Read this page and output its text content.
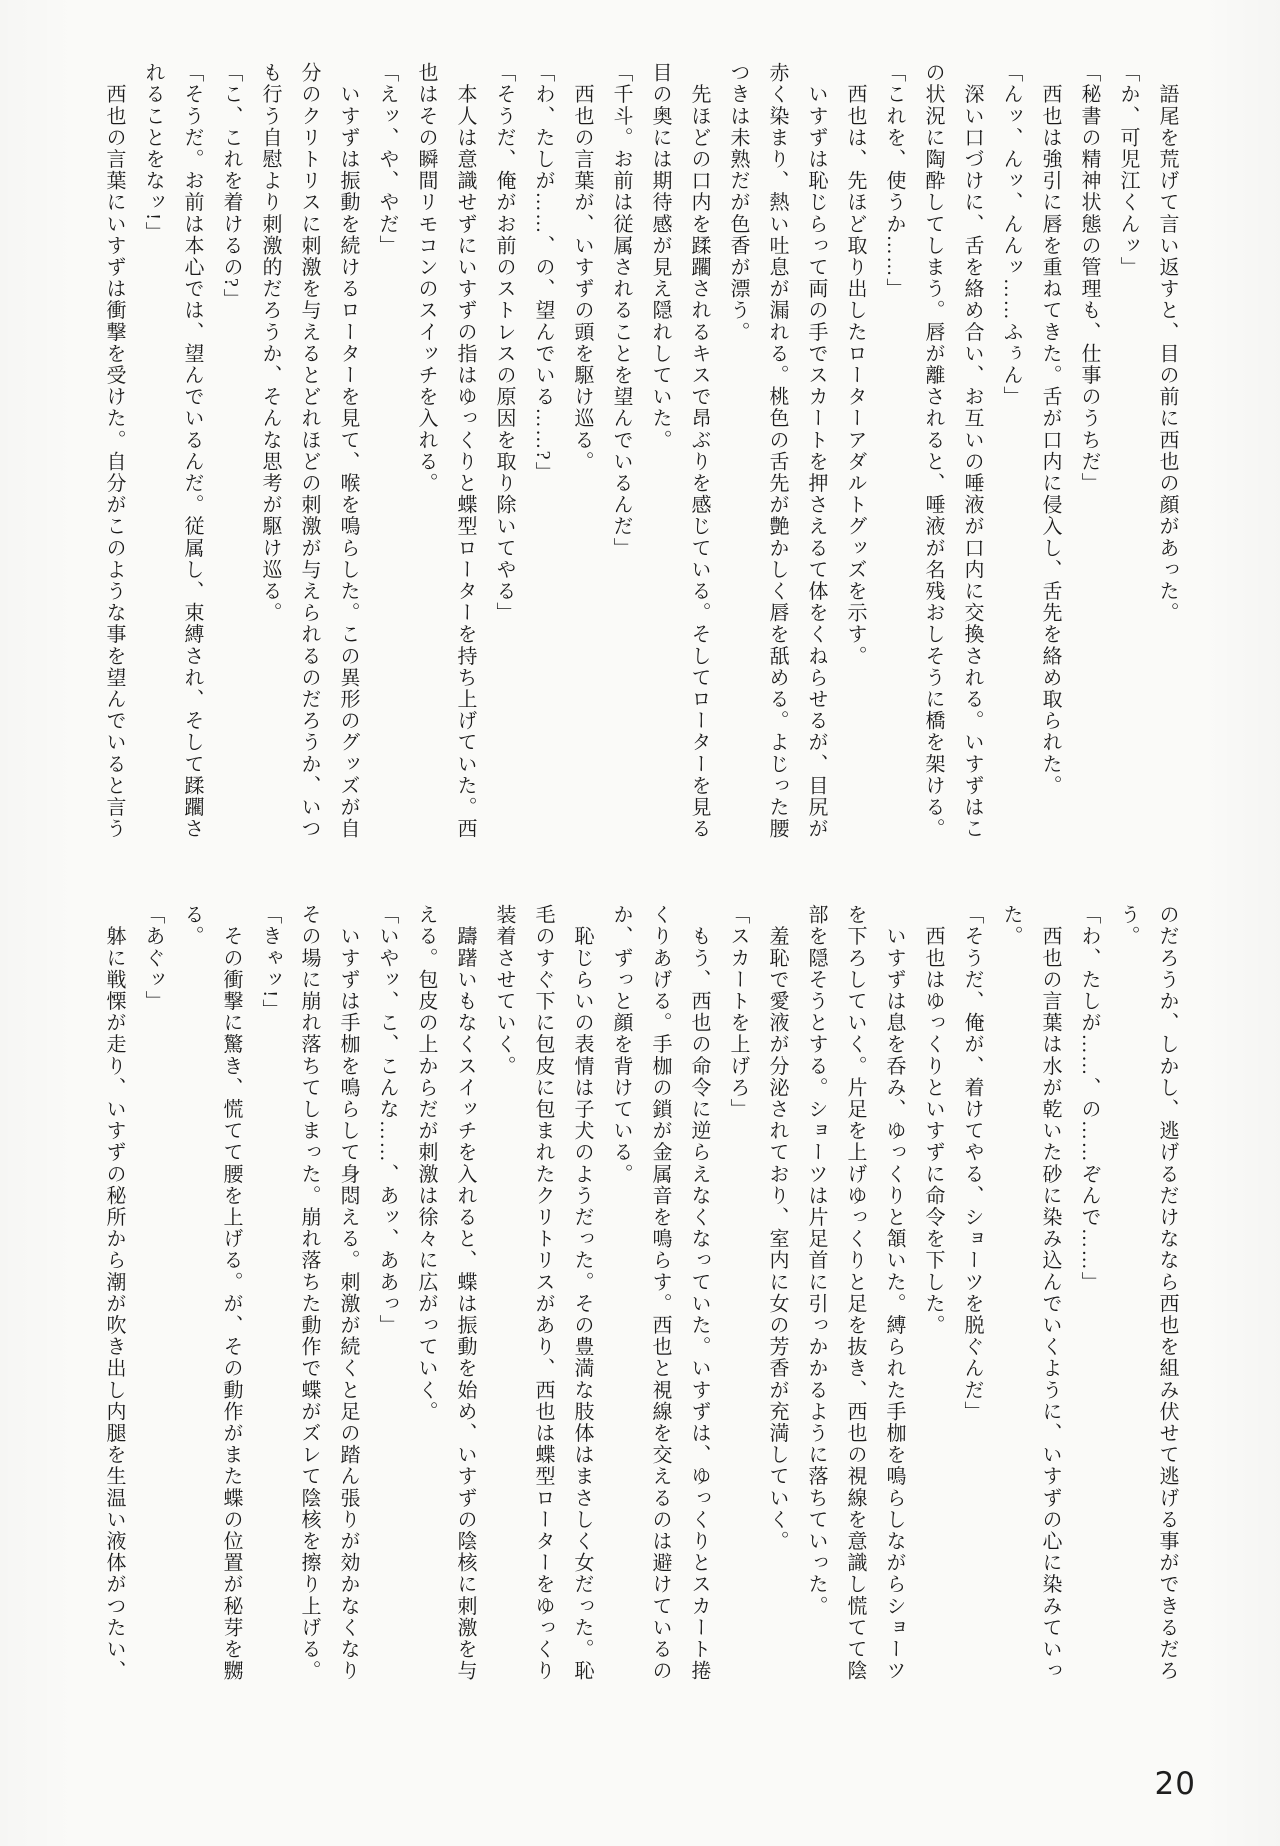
　語尾を荒げて言い返すと、目の前に西也の顔があった。
「か、可児江くんッ」
「秘書の精神状態の管理も、仕事のうちだ」
　西也は強引に唇を重ねてきた。舌が口内に侵入し、舌先を絡め取られた。
「んッ、んッ、んんッ……ふぅん」
　深い口づけに、舌を絡め合い、お互いの唾液が口内に交換される。いすずはこ
の状況に陶酔してしまう。唇が離されると、唾液が名残おしそうに橋を架ける。
「これを、使うか……」
　西也は、先ほど取り出したローターアダルトグッズを示す。
　いすずは恥じらって両の手でスカートを押さえるて体をくねらせるが、目尻が
赤く染まり、熱い吐息が漏れる。桃色の舌先が艶かしく唇を舐める。よじった腰
つきは未熟だが色香が漂う。
　先ほどの口内を蹂躙されるキスで昂ぶりを感じている。そしてローターを見る
目の奥には期待感が見え隠れしていた。
「千斗。お前は従属されることを望んでいるんだ」
　西也の言葉が、いすずの頭を駆け巡る。
「わ、たしが……、の、望んでいる……?」
「そうだ、俺がお前のストレスの原因を取り除いてやる」
　本人は意識せずにいすずの指はゆっくりと蝶型ローターを持ち上げていた。西
也はその瞬間リモコンのスイッチを入れる。
「えッ、や、やだ」
　いすずは振動を続けるローターを見て、喉を鳴らした。この異形のグッズが自
分のクリトリスに刺激を与えるとどれほどの刺激が与えられるのだろうか、いつ
も行う自慰より刺激的だろうか、そんな思考が駆け巡る。
「こ、これを着けるの?」
「そうだ。お前は本心では、望んでいるんだ。従属し、束縛され、そして蹂躙さ
れることをなッ!」
　西也の言葉にいすずは衝撃を受けた。自分がこのような事を望んでいると言う
のだろうか、しかし、逃げるだけななら西也を組み伏せて逃げる事ができるだろ
う。
「わ、たしが……、の……ぞんで……」
　西也の言葉は水が乾いた砂に染み込んでいくように、いすずの心に染みていっ
た。
「そうだ、俺が、着けてやる、ショーツを脱ぐんだ」
　西也はゆっくりといすずに命令を下した。
　いすずは息を呑み、ゆっくりと頷いた。縛られた手枷を鳴らしながらショーツ
を下ろしていく。片足を上げゆっくりと足を抜き、西也の視線を意識し慌てて陰
部を隠そうとする。ショーツは片足首に引っかかるように落ちていった。
　羞恥で愛液が分泌されており、室内に女の芳香が充満していく。
「スカートを上げろ」
　もう、西也の命令に逆らえなくなっていた。いすずは、ゆっくりとスカート捲
くりあげる。手枷の鎖が金属音を鳴らす。西也と視線を交えるのは避けているの
か、ずっと顔を背けている。
　恥じらいの表情は子犬のようだった。その豊満な肢体はまさしく女だった。恥
毛のすぐ下に包皮に包まれたクリトリスがあり、西也は蝶型ローターをゆっくり
装着させていく。
　躊躇いもなくスイッチを入れると、蝶は振動を始め、いすずの陰核に刺激を与
える。包皮の上からだが刺激は徐々に広がっていく。
「いやッ、こ、こんな……、あッ、ああっ」
　いすずは手枷を鳴らして身悶える。刺激が続くと足の踏ん張りが効かなくなり
その場に崩れ落ちてしまった。崩れ落ちた動作で蝶がズレて陰核を擦り上げる。
「きゃッ!」
　その衝撃に驚き、慌てて腰を上げる。が、その動作がまた蝶の位置が秘芽を嬲
る。
「あぐッ」
　躰に戦慄が走り、いすずの秘所から潮が吹き出し内腿を生温い液体がつたい、
20
